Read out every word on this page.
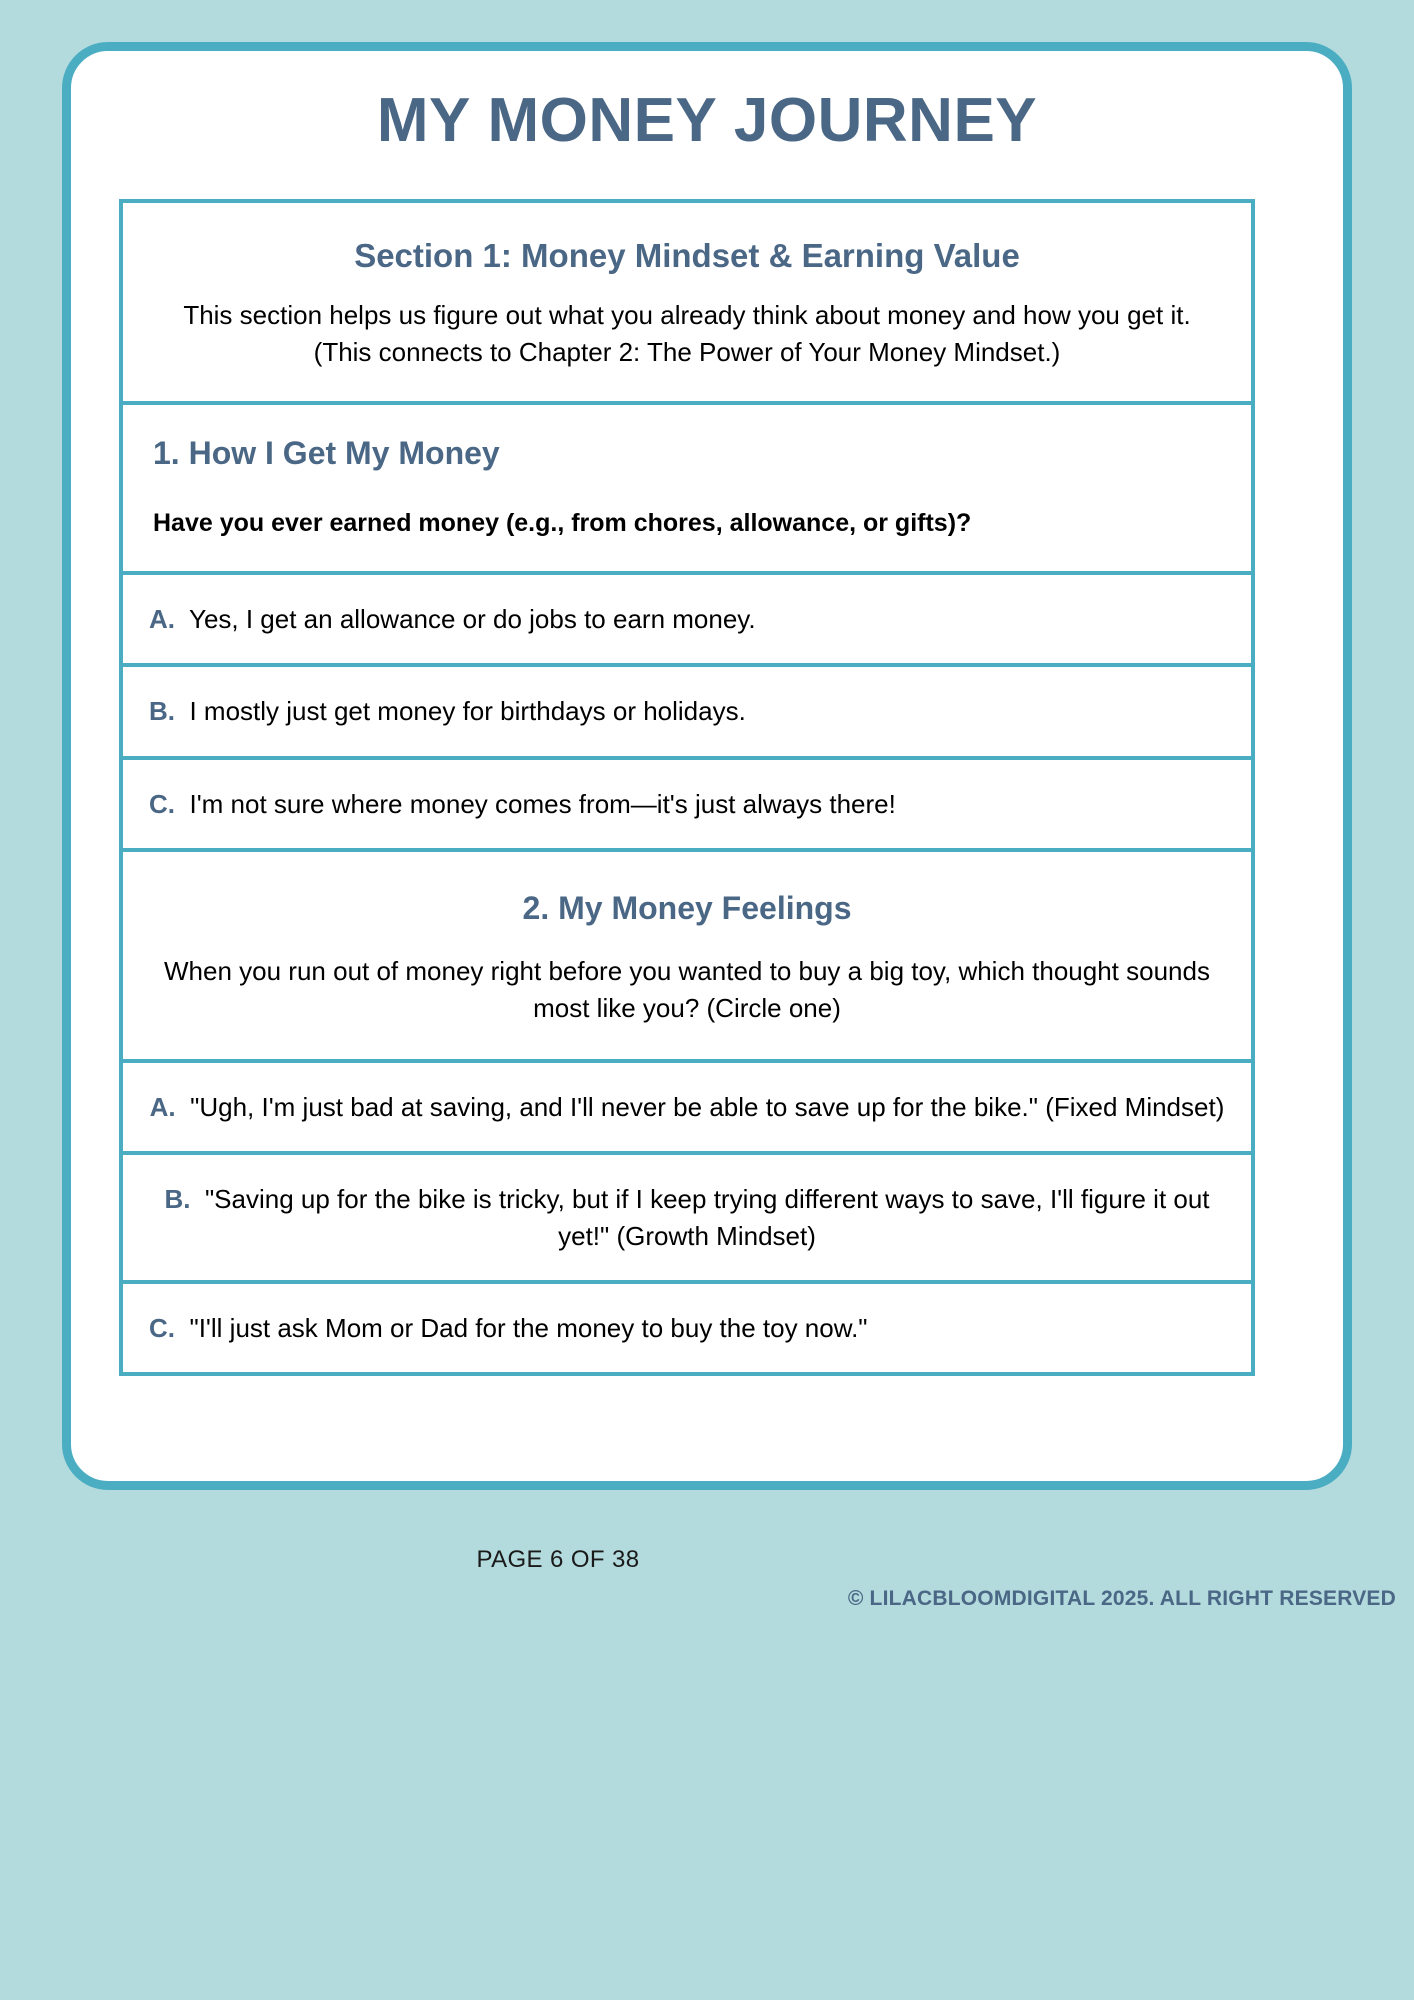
MY MONEY JOURNEY
Section 1: Money Mindset & Earning Value

This section helps us figure out what you already think about money and how you get it. (This connects to Chapter 2: The Power of Your Money Mindset.)

1. How I Get My Money

Have you ever earned money (e.g., from chores, allowance, or gifts)?

A.  Yes, I get an allowance or do jobs to earn money.
B.  I mostly just get money for birthdays or holidays.
C.  I'm not sure where money comes from—it's just always there!
2. My Money Feelings

When you run out of money right before you wanted to buy a big toy, which thought sounds most like you? (Circle one)

A.  "Ugh, I'm just bad at saving, and I'll never be able to save up for the bike." (Fixed Mindset)
B.  "Saving up for the bike is tricky, but if I keep trying different ways to save, I'll figure it out yet!" (Growth Mindset)
C.  "I'll just ask Mom or Dad for the money to buy the toy now."
PAGE 6 OF 38
© LILACBLOOMDIGITAL 2025. ALL RIGHT RESERVED
